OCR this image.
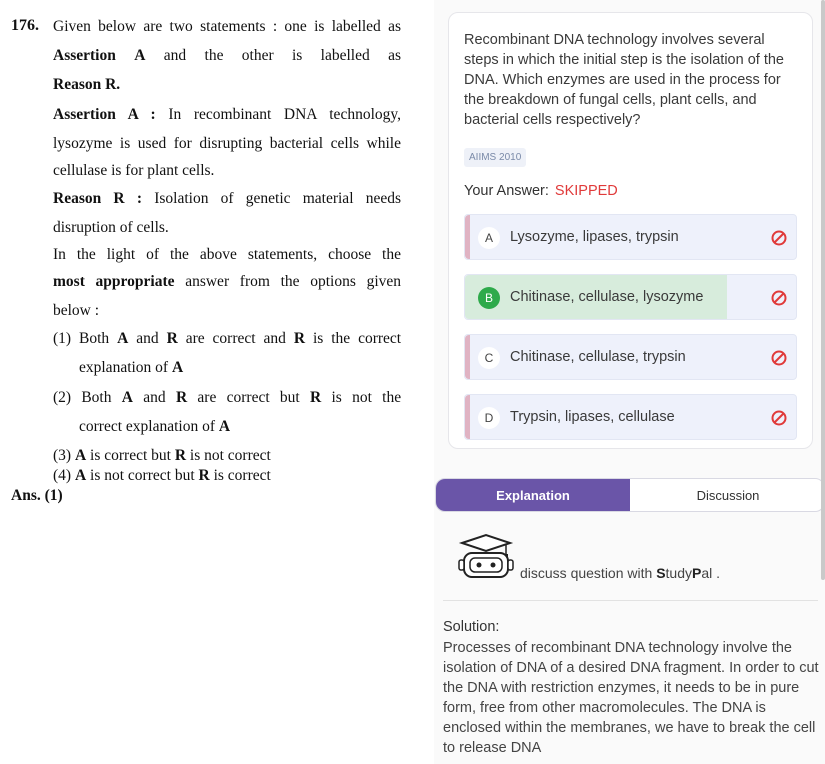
176. Given below are two statements : one is labelled as
Assertion A and the other is labelled as
Reason R.
Assertion A : In recombinant DNA technology,
lysozyme is used for disrupting bacterial cells while
cellulase is for plant cells.
Reason R : Isolation of genetic material needs
disruption of cells.
In the light of the above statements, choose the
most appropriate answer from the options given
below :
(1) Both A and R are correct and R is the correct
explanation of A
(2) Both A and R are correct but R is not the
correct explanation of A
(3) A is correct but R is not correct
(4) A is not correct but R is correct
Ans. (1)
Recombinant DNA technology involves several steps in which the initial step is the isolation of the DNA. Which enzymes are used in the process for the breakdown of fungal cells, plant cells, and bacterial cells respectively?
AIIMS 2010
Your Answer: SKIPPED
A	Lysozyme, lipases, trypsin
B	Chitinase, cellulase, lysozyme
C	Chitinase, cellulase, trypsin
D	Trypsin, lipases, cellulase
Explanation	Discussion
discuss question with StudyPal .
Solution:
Processes of recombinant DNA technology involve the isolation of DNA of a desired DNA fragment. In order to cut the DNA with restriction enzymes, it needs to be in pure form, free from other macromolecules. The DNA is enclosed within the membranes, we have to break the cell to release DNA
